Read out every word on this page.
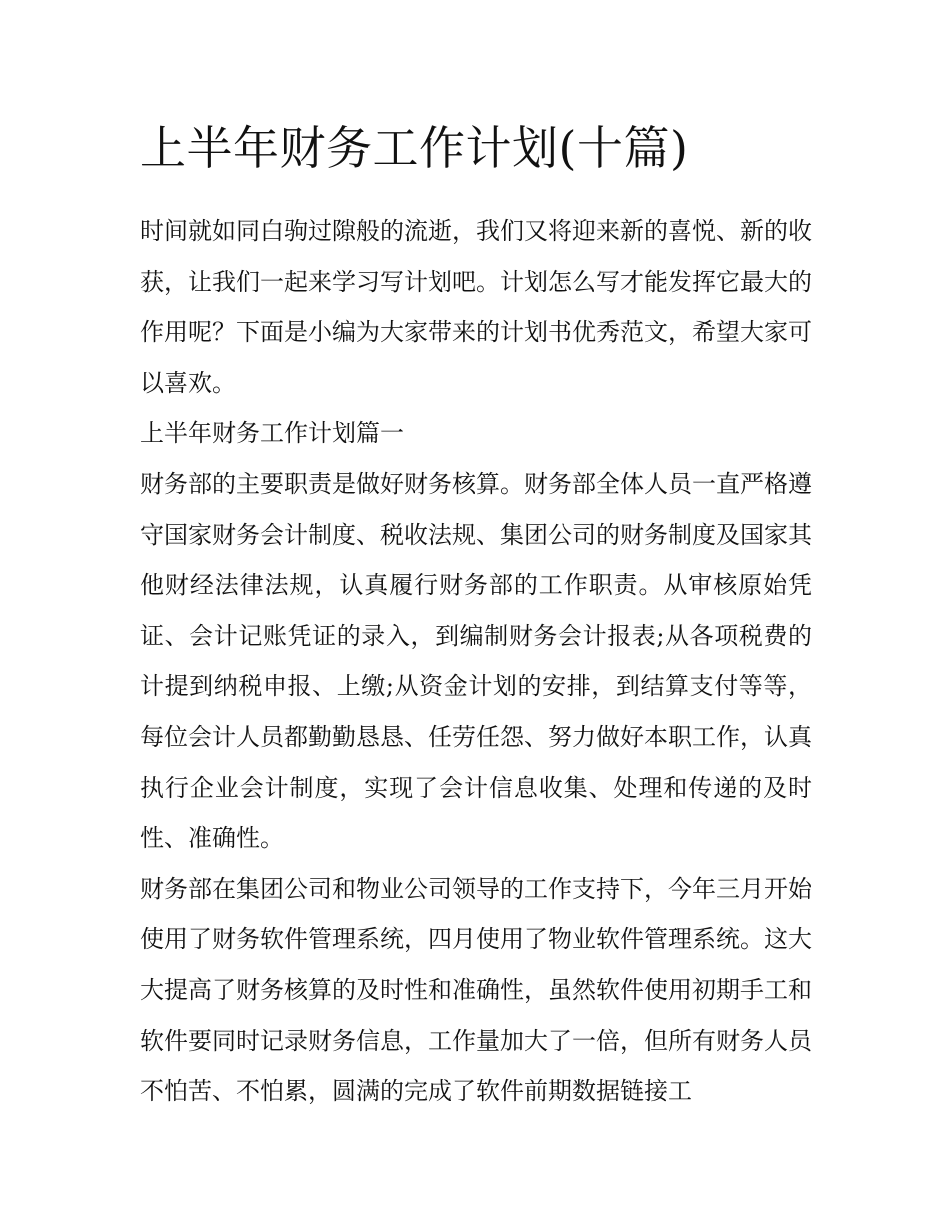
上半年财务工作计划(十篇)

时间就如同白驹过隙般的流逝，我们又将迎来新的喜悦、新的收获，让我们一起来学习写计划吧。计划怎么写才能发挥它最大的作用呢？下面是小编为大家带来的计划书优秀范文，希望大家可以喜欢。

上半年财务工作计划篇一

财务部的主要职责是做好财务核算。财务部全体人员一直严格遵守国家财务会计制度、税收法规、集团公司的财务制度及国家其他财经法律法规，认真履行财务部的工作职责。从审核原始凭证、会计记账凭证的录入，到编制财务会计报表;从各项税费的计提到纳税申报、上缴;从资金计划的安排，到结算支付等等，每位会计人员都勤勤恳恳、任劳任怨、努力做好本职工作，认真执行企业会计制度，实现了会计信息收集、处理和传递的及时性、准确性。

财务部在集团公司和物业公司领导的工作支持下，今年三月开始使用了财务软件管理系统，四月使用了物业软件管理系统。这大大提高了财务核算的及时性和准确性，虽然软件使用初期手工和软件要同时记录财务信息，工作量加大了一倍，但所有财务人员不怕苦、不怕累，圆满的完成了软件前期数据链接工
